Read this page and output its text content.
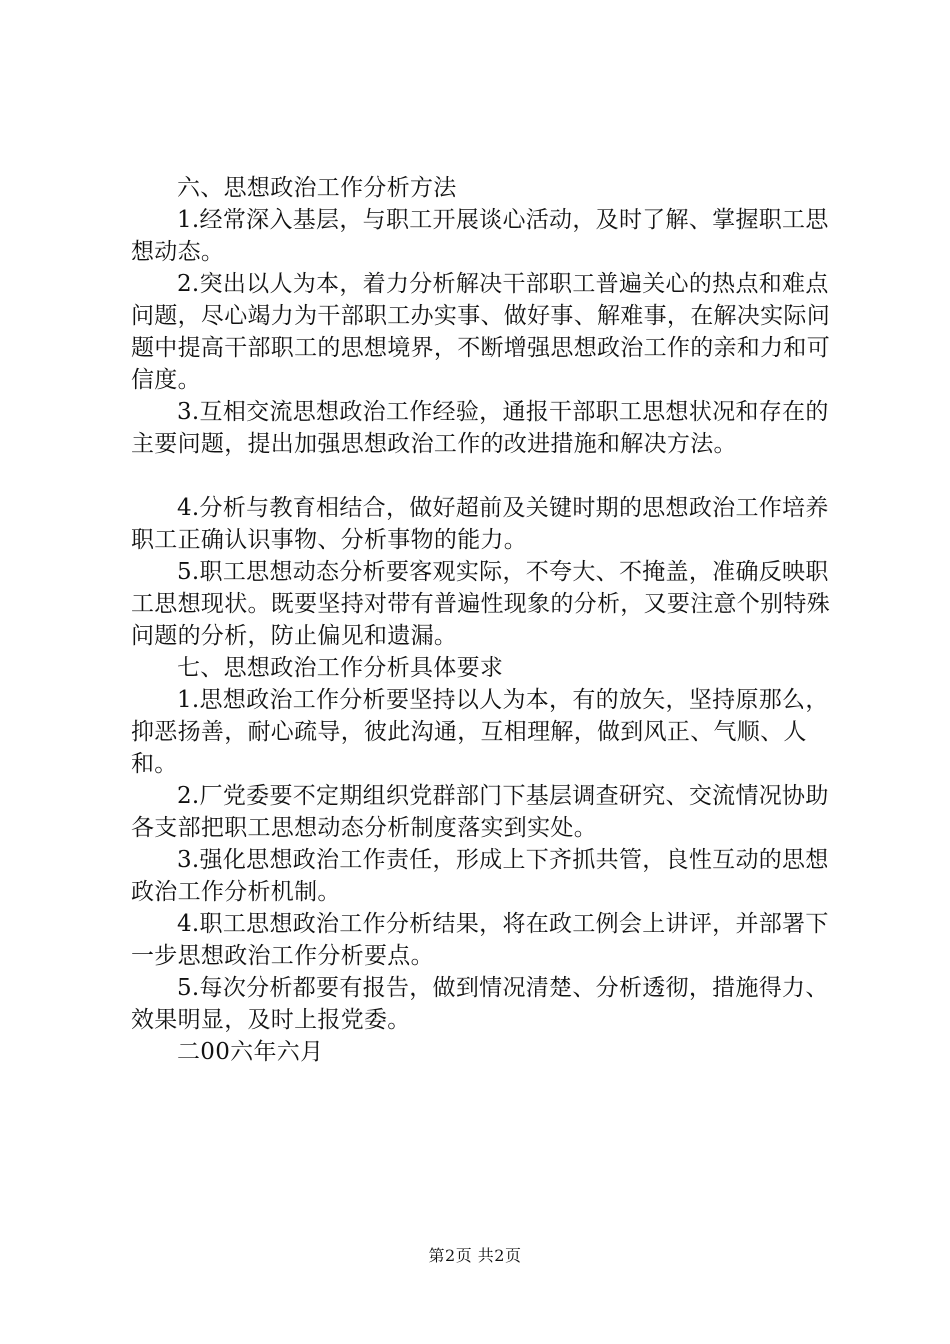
六、思想政治工作分析方法

1.经常深入基层，与职工开展谈心活动，及时了解、掌握职工思想动态。

2.突出以人为本，着力分析解决干部职工普遍关心的热点和难点问题，尽心竭力为干部职工办实事、做好事、解难事，在解决实际问题中提高干部职工的思想境界，不断增强思想政治工作的亲和力和可信度。

3.互相交流思想政治工作经验，通报干部职工思想状况和存在的主要问题，提出加强思想政治工作的改进措施和解决方法。

4.分析与教育相结合，做好超前及关键时期的思想政治工作培养职工正确认识事物、分析事物的能力。

5.职工思想动态分析要客观实际，不夸大、不掩盖，准确反映职工思想现状。既要坚持对带有普遍性现象的分析，又要注意个别特殊问题的分析，防止偏见和遗漏。

七、思想政治工作分析具体要求

1.思想政治工作分析要坚持以人为本，有的放矢，坚持原那么，抑恶扬善，耐心疏导，彼此沟通，互相理解，做到风正、气顺、人和。

2.厂党委要不定期组织党群部门下基层调查研究、交流情况协助各支部把职工思想动态分析制度落实到实处。

3.强化思想政治工作责任，形成上下齐抓共管，良性互动的思想政治工作分析机制。

4.职工思想政治工作分析结果，将在政工例会上讲评，并部署下一步思想政治工作分析要点。

5.每次分析都要有报告，做到情况清楚、分析透彻，措施得力、效果明显，及时上报党委。

二00六年六月

第2页 共2页
